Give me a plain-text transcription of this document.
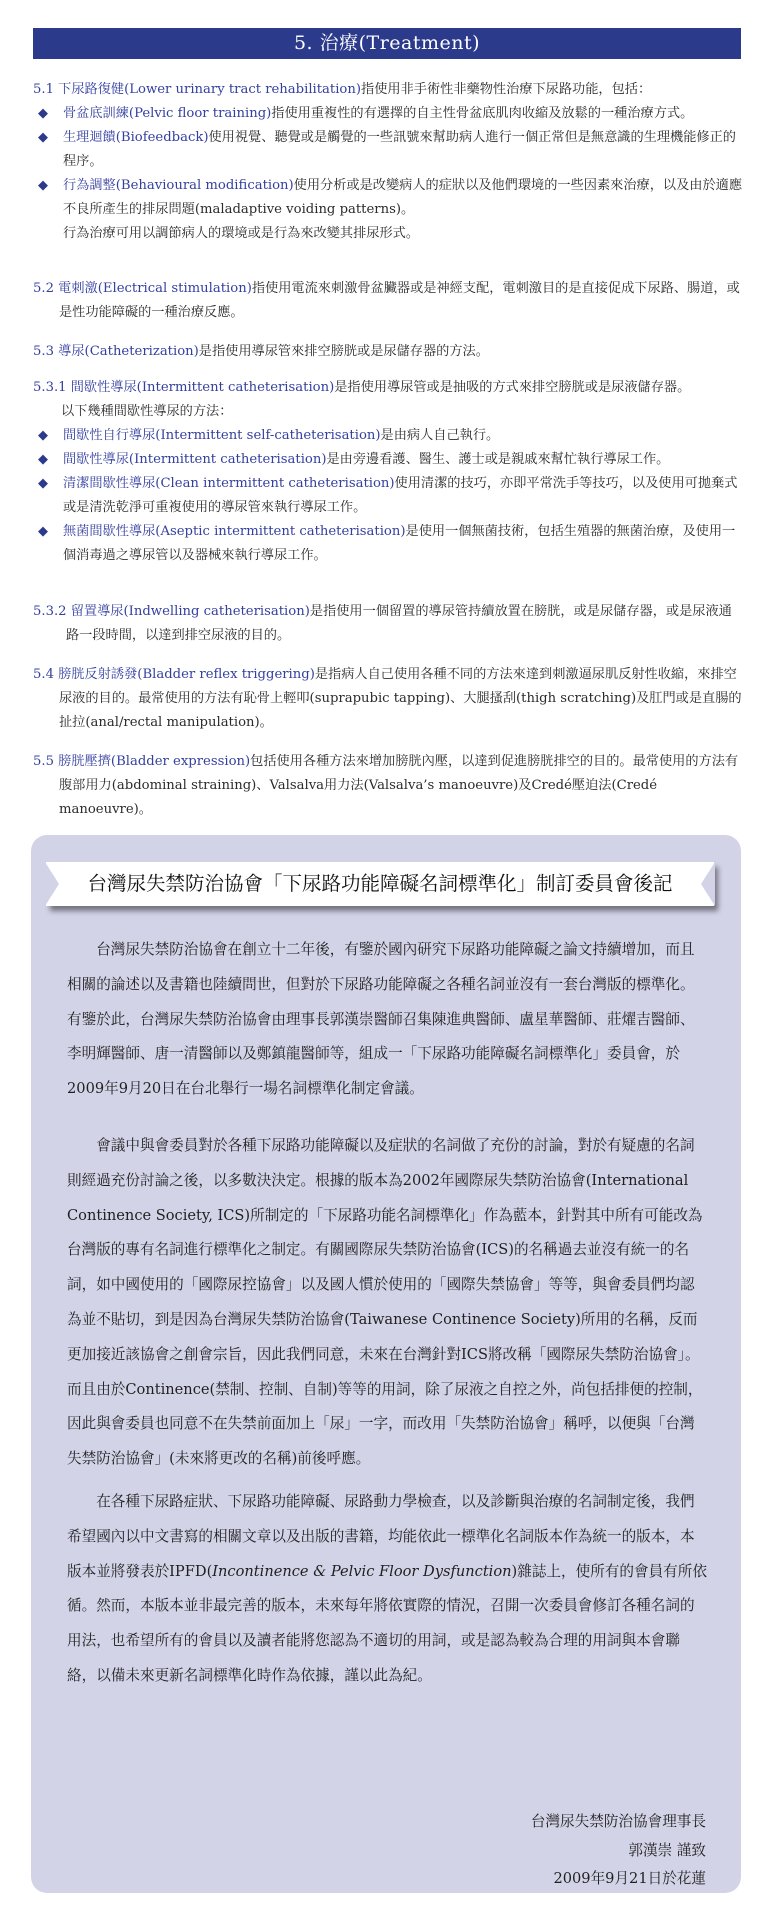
5. 治療(Treatment)

5.1 下尿路復健(Lower urinary tract rehabilitation)指使用非手術性非藥物性治療下尿路功能，包括：

◆ 骨盆底訓練(Pelvic floor training)指使用重複性的有選擇的自主性骨盆底肌肉收縮及放鬆的一種治療方式。

◆ 生理迴饋(Biofeedback)使用視覺、聽覺或是觸覺的一些訊號來幫助病人進行一個正常但是無意識的生理機能修正的程序。

◆ 行為調整(Behavioural modification)使用分析或是改變病人的症狀以及他們環境的一些因素來治療，以及由於適應不良所產生的排尿問題(maladaptive voiding patterns)。

行為治療可用以調節病人的環境或是行為來改變其排尿形式。

5.2 電刺激(Electrical stimulation)指使用電流來刺激骨盆臟器或是神經支配，電刺激目的是直接促成下尿路、腸道，或是性功能障礙的一種治療反應。

5.3 導尿(Catheterization)是指使用導尿管來排空膀胱或是尿儲存器的方法。

5.3.1 間歇性導尿(Intermittent catheterisation)是指使用導尿管或是抽吸的方式來排空膀胱或是尿液儲存器。

以下幾種間歇性導尿的方法：

◆ 間歇性自行導尿(Intermittent self-catheterisation)是由病人自己執行。

◆ 間歇性導尿(Intermittent catheterisation)是由旁邊看護、醫生、護士或是親戚來幫忙執行導尿工作。

◆ 清潔間歇性導尿(Clean intermittent catheterisation)使用清潔的技巧，亦即平常洗手等技巧，以及使用可拋棄式或是清洗乾淨可重複使用的導尿管來執行導尿工作。

◆ 無菌間歇性導尿(Aseptic intermittent catheterisation)是使用一個無菌技術，包括生殖器的無菌治療，及使用一個消毒過之導尿管以及器械來執行導尿工作。

5.3.2 留置導尿(Indwelling catheterisation)是指使用一個留置的導尿管持續放置在膀胱，或是尿儲存器，或是尿液通路一段時間，以達到排空尿液的目的。

5.4 膀胱反射誘發(Bladder reflex triggering)是指病人自己使用各種不同的方法來達到刺激逼尿肌反射性收縮，來排空尿液的目的。最常使用的方法有恥骨上輕叩(suprapubic tapping)、大腿搔刮(thigh scratching)及肛門或是直腸的扯拉(anal/rectal manipulation)。

5.5 膀胱壓擠(Bladder expression)包括使用各種方法來增加膀胱內壓，以達到促進膀胱排空的目的。最常使用的方法有腹部用力(abdominal straining)、Valsalva用力法(Valsalva’s manoeuvre)及Credé壓迫法(Credé manoeuvre)。

台灣尿失禁防治協會「下尿路功能障礙名詞標準化」制訂委員會後記

台灣尿失禁防治協會在創立十二年後，有鑒於國內研究下尿路功能障礙之論文持續增加，而且相關的論述以及書籍也陸續問世，但對於下尿路功能障礙之各種名詞並沒有一套台灣版的標準化。有鑒於此，台灣尿失禁防治協會由理事長郭漢崇醫師召集陳進典醫師、盧星華醫師、莊燿吉醫師、李明輝醫師、唐一清醫師以及鄭鎮龍醫師等，組成一「下尿路功能障礙名詞標準化」委員會，於2009年9月20日在台北舉行一場名詞標準化制定會議。

會議中與會委員對於各種下尿路功能障礙以及症狀的名詞做了充份的討論，對於有疑慮的名詞則經過充份討論之後，以多數決決定。根據的版本為2002年國際尿失禁防治協會(International Continence Society, ICS)所制定的「下尿路功能名詞標準化」作為藍本，針對其中所有可能改為台灣版的專有名詞進行標準化之制定。有關國際尿失禁防治協會(ICS)的名稱過去並沒有統一的名詞，如中國使用的「國際尿控協會」以及國人慣於使用的「國際失禁協會」等等，與會委員們均認為並不貼切，到是因為台灣尿失禁防治協會(Taiwanese Continence Society)所用的名稱，反而更加接近該協會之創會宗旨，因此我們同意，未來在台灣針對ICS將改稱「國際尿失禁防治協會」。而且由於Continence(禁制、控制、自制)等等的用詞，除了尿液之自控之外，尚包括排便的控制，因此與會委員也同意不在失禁前面加上「尿」一字，而改用「失禁防治協會」稱呼，以便與「台灣失禁防治協會」(未來將更改的名稱)前後呼應。

在各種下尿路症狀、下尿路功能障礙、尿路動力學檢查，以及診斷與治療的名詞制定後，我們希望國內以中文書寫的相關文章以及出版的書籍，均能依此一標準化名詞版本作為統一的版本，本版本並將發表於IPFD(Incontinence & Pelvic Floor Dysfunction)雜誌上，使所有的會員有所依循。然而，本版本並非最完善的版本，未來每年將依實際的情況，召開一次委員會修訂各種名詞的用法，也希望所有的會員以及讀者能將您認為不適切的用詞，或是認為較為合理的用詞與本會聯絡，以備未來更新名詞標準化時作為依據，謹以此為紀。

台灣尿失禁防治協會理事長
郭漢崇 謹致
2009年9月21日於花蓮
